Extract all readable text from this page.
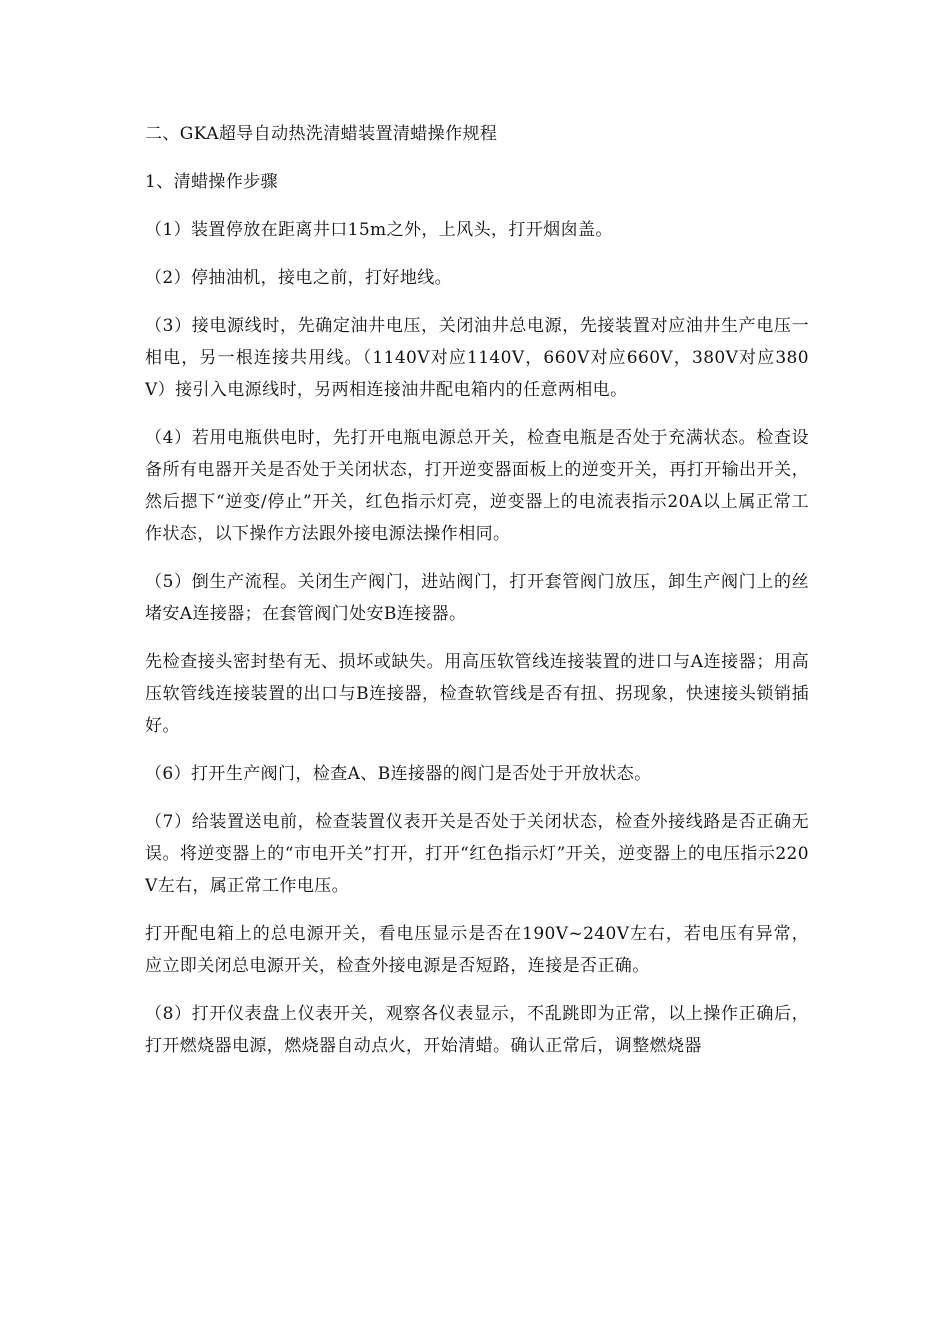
二、GKA超导自动热洗清蜡装置清蜡操作规程

1、清蜡操作步骤

（1）装置停放在距离井口15m之外，上风头，打开烟囱盖。

（2）停抽油机，接电之前，打好地线。

（3）接电源线时，先确定油井电压，关闭油井总电源，先接装置对应油井生产电压一相电，另一根连接共用线。（1140V对应1140V，660V对应660V，380V对应380V）接引入电源线时，另两相连接油井配电箱内的任意两相电。

（4）若用电瓶供电时，先打开电瓶电源总开关，检查电瓶是否处于充满状态。检查设备所有电器开关是否处于关闭状态，打开逆变器面板上的逆变开关，再打开输出开关，然后摁下“逆变/停止”开关，红色指示灯亮，逆变器上的电流表指示20A以上属正常工作状态，以下操作方法跟外接电源法操作相同。

（5）倒生产流程。关闭生产阀门，进站阀门，打开套管阀门放压，卸生产阀门上的丝堵安A连接器；在套管阀门处安B连接器。

先检查接头密封垫有无、损坏或缺失。用高压软管线连接装置的进口与A连接器；用高压软管线连接装置的出口与B连接器，检查软管线是否有扭、拐现象，快速接头锁销插好。

（6）打开生产阀门，检查A、B连接器的阀门是否处于开放状态。

（7）给装置送电前，检查装置仪表开关是否处于关闭状态，检查外接线路是否正确无误。将逆变器上的“市电开关”打开，打开“红色指示灯”开关，逆变器上的电压指示220V左右，属正常工作电压。

打开配电箱上的总电源开关，看电压显示是否在190V~240V左右，若电压有异常，应立即关闭总电源开关，检查外接电源是否短路，连接是否正确。

（8）打开仪表盘上仪表开关，观察各仪表显示，不乱跳即为正常，以上操作正确后，打开燃烧器电源，燃烧器自动点火，开始清蜡。确认正常后，调整燃烧器
